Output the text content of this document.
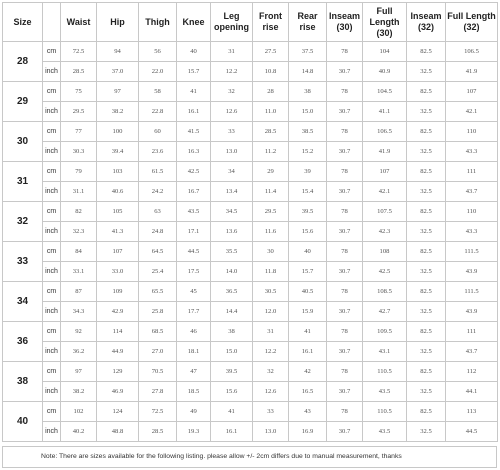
Size		Waist	Hip	Thigh	Knee	Leg opening	Front rise	Rear rise	Inseam (30)	Full Length (30)	Inseam (32)	Full Length (32)
28	cm	72.5	94	56	40	31	27.5	37.5	78	104	82.5	106.5
	inch	28.5	37.0	22.0	15.7	12.2	10.8	14.8	30.7	40.9	32.5	41.9
29	cm	75	97	58	41	32	28	38	78	104.5	82.5	107
	inch	29.5	38.2	22.8	16.1	12.6	11.0	15.0	30.7	41.1	32.5	42.1
30	cm	77	100	60	41.5	33	28.5	38.5	78	106.5	82.5	110
	inch	30.3	39.4	23.6	16.3	13.0	11.2	15.2	30.7	41.9	32.5	43.3
31	cm	79	103	61.5	42.5	34	29	39	78	107	82.5	111
	inch	31.1	40.6	24.2	16.7	13.4	11.4	15.4	30.7	42.1	32.5	43.7
32	cm	82	105	63	43.5	34.5	29.5	39.5	78	107.5	82.5	110
	inch	32.3	41.3	24.8	17.1	13.6	11.6	15.6	30.7	42.3	32.5	43.3
33	cm	84	107	64.5	44.5	35.5	30	40	78	108	82.5	111.5
	inch	33.1	33.0	25.4	17.5	14.0	11.8	15.7	30.7	42.5	32.5	43.9
34	cm	87	109	65.5	45	36.5	30.5	40.5	78	108.5	82.5	111.5
	inch	34.3	42.9	25.8	17.7	14.4	12.0	15.9	30.7	42.7	32.5	43.9
36	cm	92	114	68.5	46	38	31	41	78	109.5	82.5	111
	inch	36.2	44.9	27.0	18.1	15.0	12.2	16.1	30.7	43.1	32.5	43.7
38	cm	97	129	70.5	47	39.5	32	42	78	110.5	82.5	112
	inch	38.2	46.9	27.8	18.5	15.6	12.6	16.5	30.7	43.5	32.5	44.1
40	cm	102	124	72.5	49	41	33	43	78	110.5	82.5	113
	inch	40.2	48.8	28.5	19.3	16.1	13.0	16.9	30.7	43.5	32.5	44.5
Note: There are sizes available for the following listing. please allow +/- 2cm differs due to manual measurement, thanks
